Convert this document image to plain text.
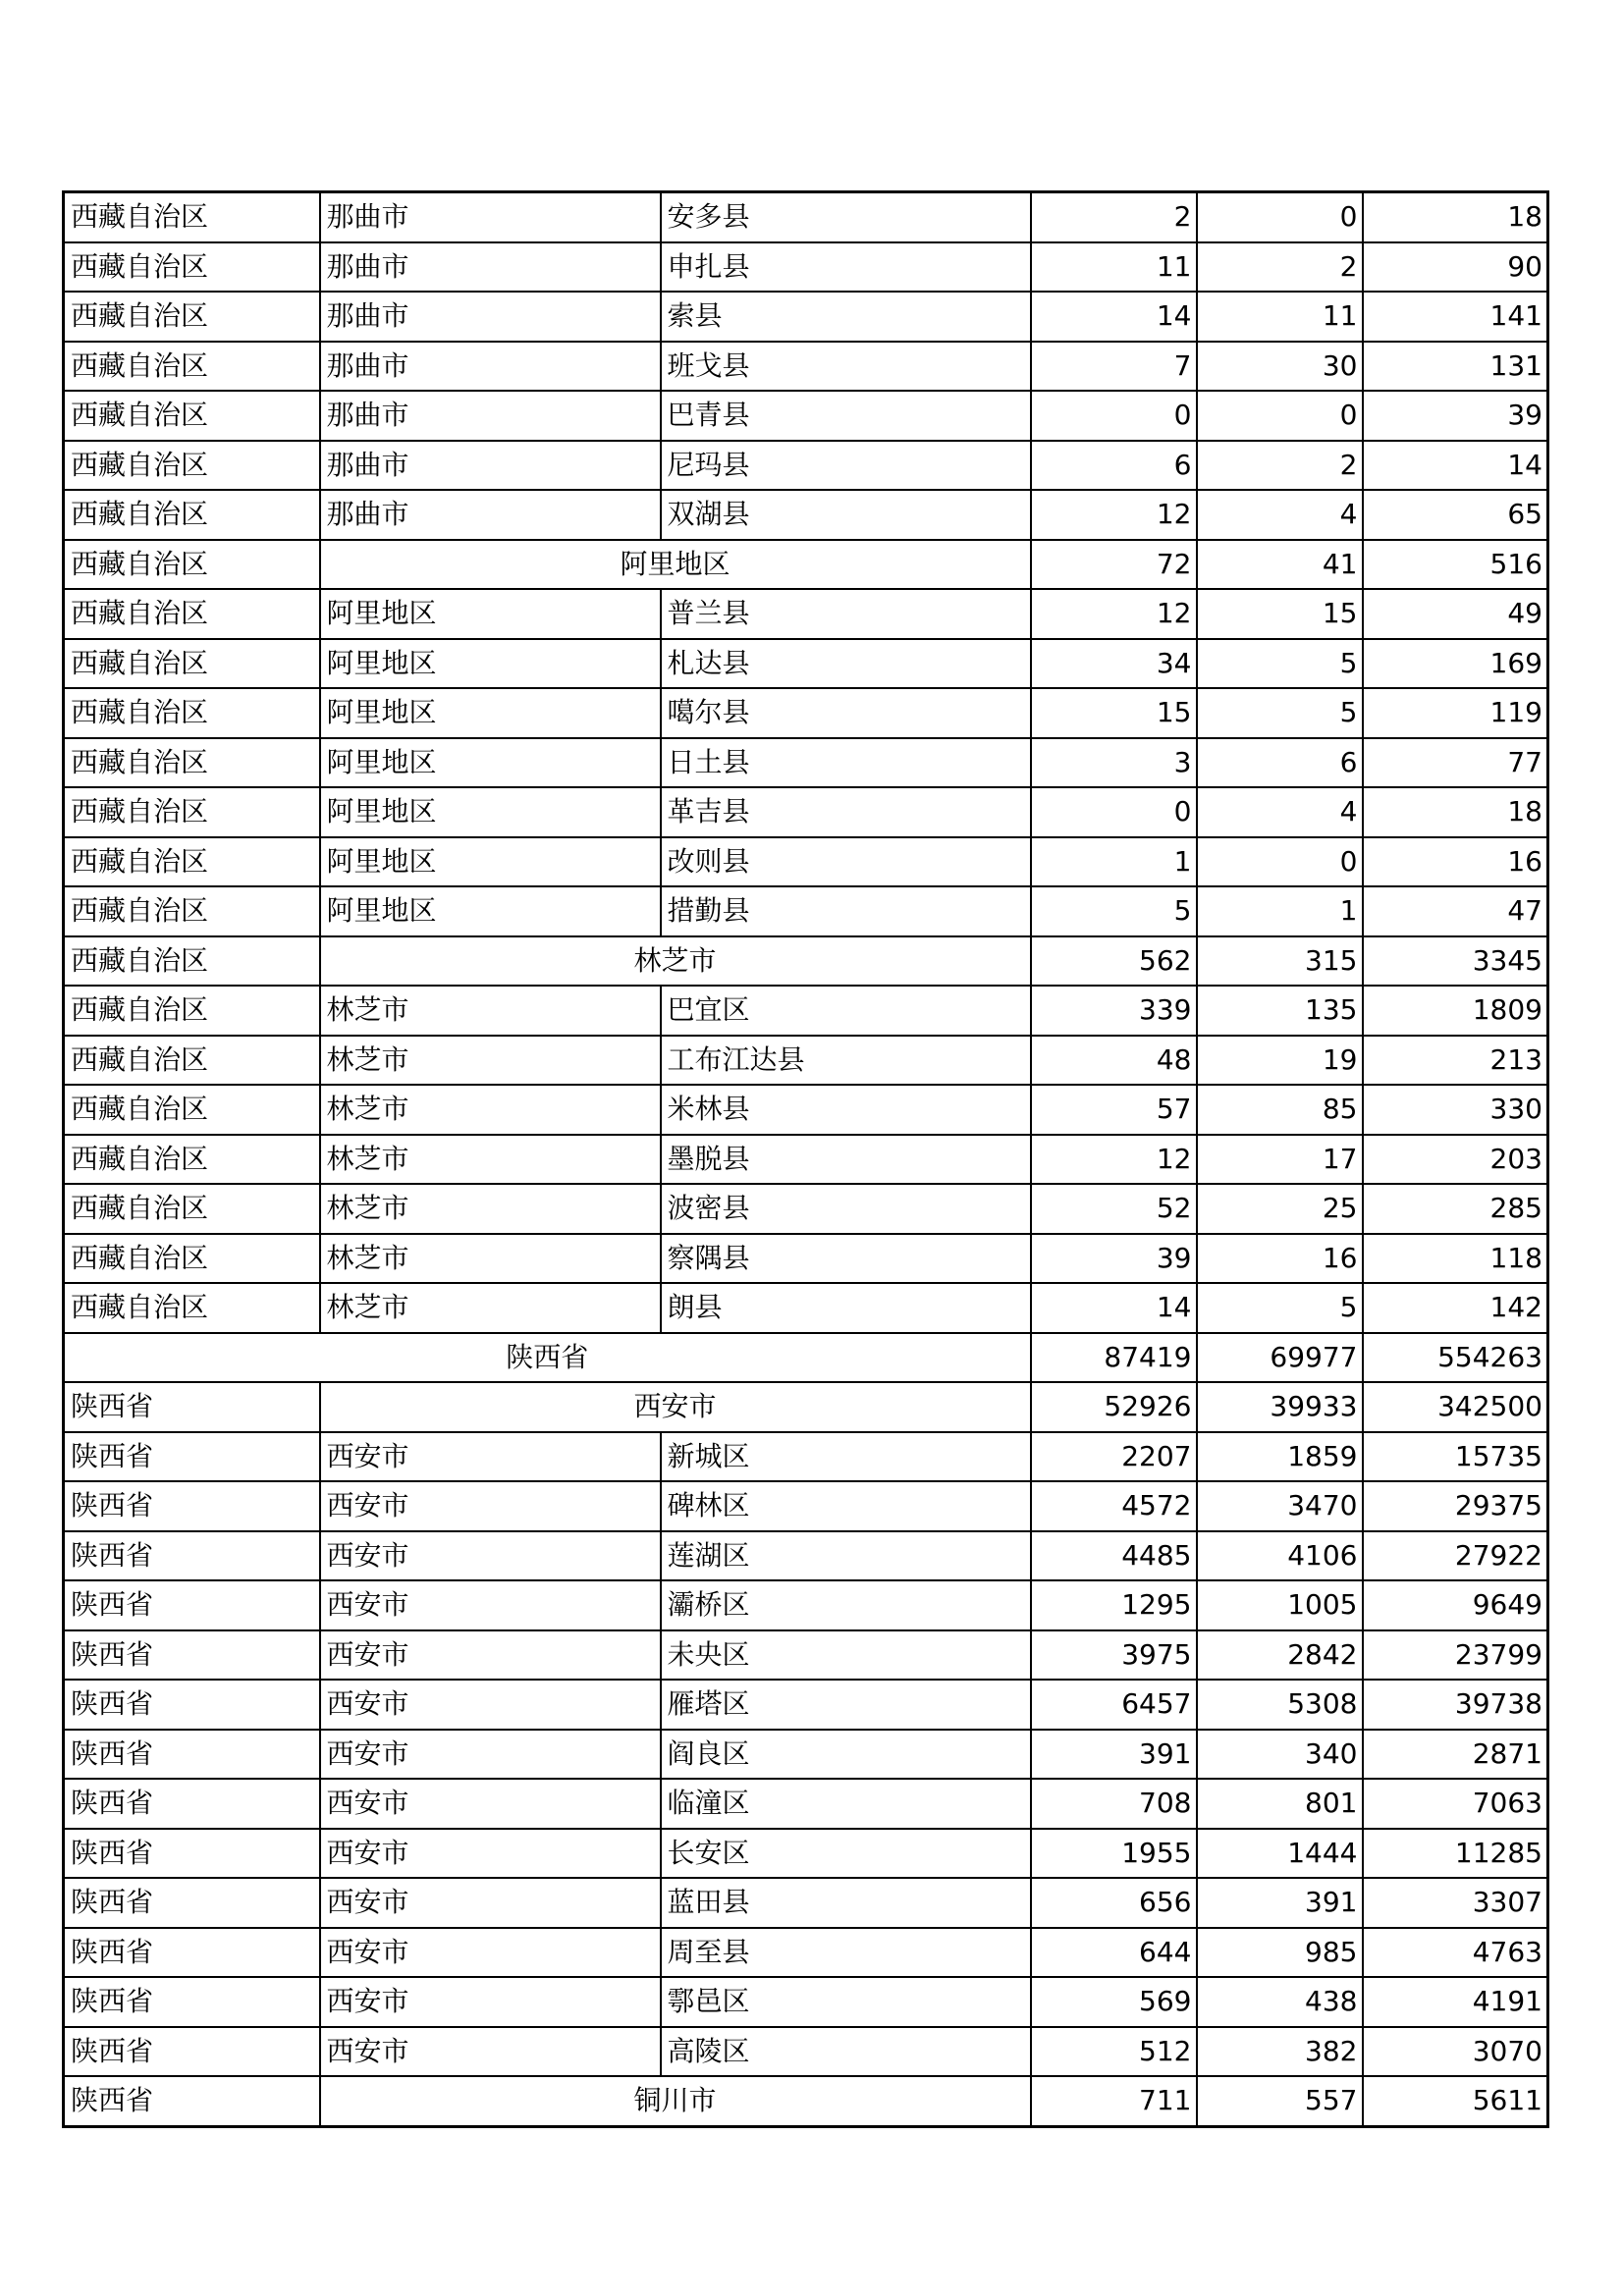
西藏自治区	那曲市	安多县	2	0	18
西藏自治区	那曲市	申扎县	11	2	90
西藏自治区	那曲市	索县	14	11	141
西藏自治区	那曲市	班戈县	7	30	131
西藏自治区	那曲市	巴青县	0	0	39
西藏自治区	那曲市	尼玛县	6	2	14
西藏自治区	那曲市	双湖县	12	4	65
西藏自治区	阿里地区		72	41	516
西藏自治区	阿里地区	普兰县	12	15	49
西藏自治区	阿里地区	札达县	34	5	169
西藏自治区	阿里地区	噶尔县	15	5	119
西藏自治区	阿里地区	日土县	3	6	77
西藏自治区	阿里地区	革吉县	0	4	18
西藏自治区	阿里地区	改则县	1	0	16
西藏自治区	阿里地区	措勤县	5	1	47
西藏自治区	林芝市		562	315	3345
西藏自治区	林芝市	巴宜区	339	135	1809
西藏自治区	林芝市	工布江达县	48	19	213
西藏自治区	林芝市	米林县	57	85	330
西藏自治区	林芝市	墨脱县	12	17	203
西藏自治区	林芝市	波密县	52	25	285
西藏自治区	林芝市	察隅县	39	16	118
西藏自治区	林芝市	朗县	14	5	142
陕西省			87419	69977	554263
陕西省	西安市		52926	39933	342500
陕西省	西安市	新城区	2207	1859	15735
陕西省	西安市	碑林区	4572	3470	29375
陕西省	西安市	莲湖区	4485	4106	27922
陕西省	西安市	灞桥区	1295	1005	9649
陕西省	西安市	未央区	3975	2842	23799
陕西省	西安市	雁塔区	6457	5308	39738
陕西省	西安市	阎良区	391	340	2871
陕西省	西安市	临潼区	708	801	7063
陕西省	西安市	长安区	1955	1444	11285
陕西省	西安市	蓝田县	656	391	3307
陕西省	西安市	周至县	644	985	4763
陕西省	西安市	鄠邑区	569	438	4191
陕西省	西安市	高陵区	512	382	3070
陕西省	铜川市		711	557	5611
